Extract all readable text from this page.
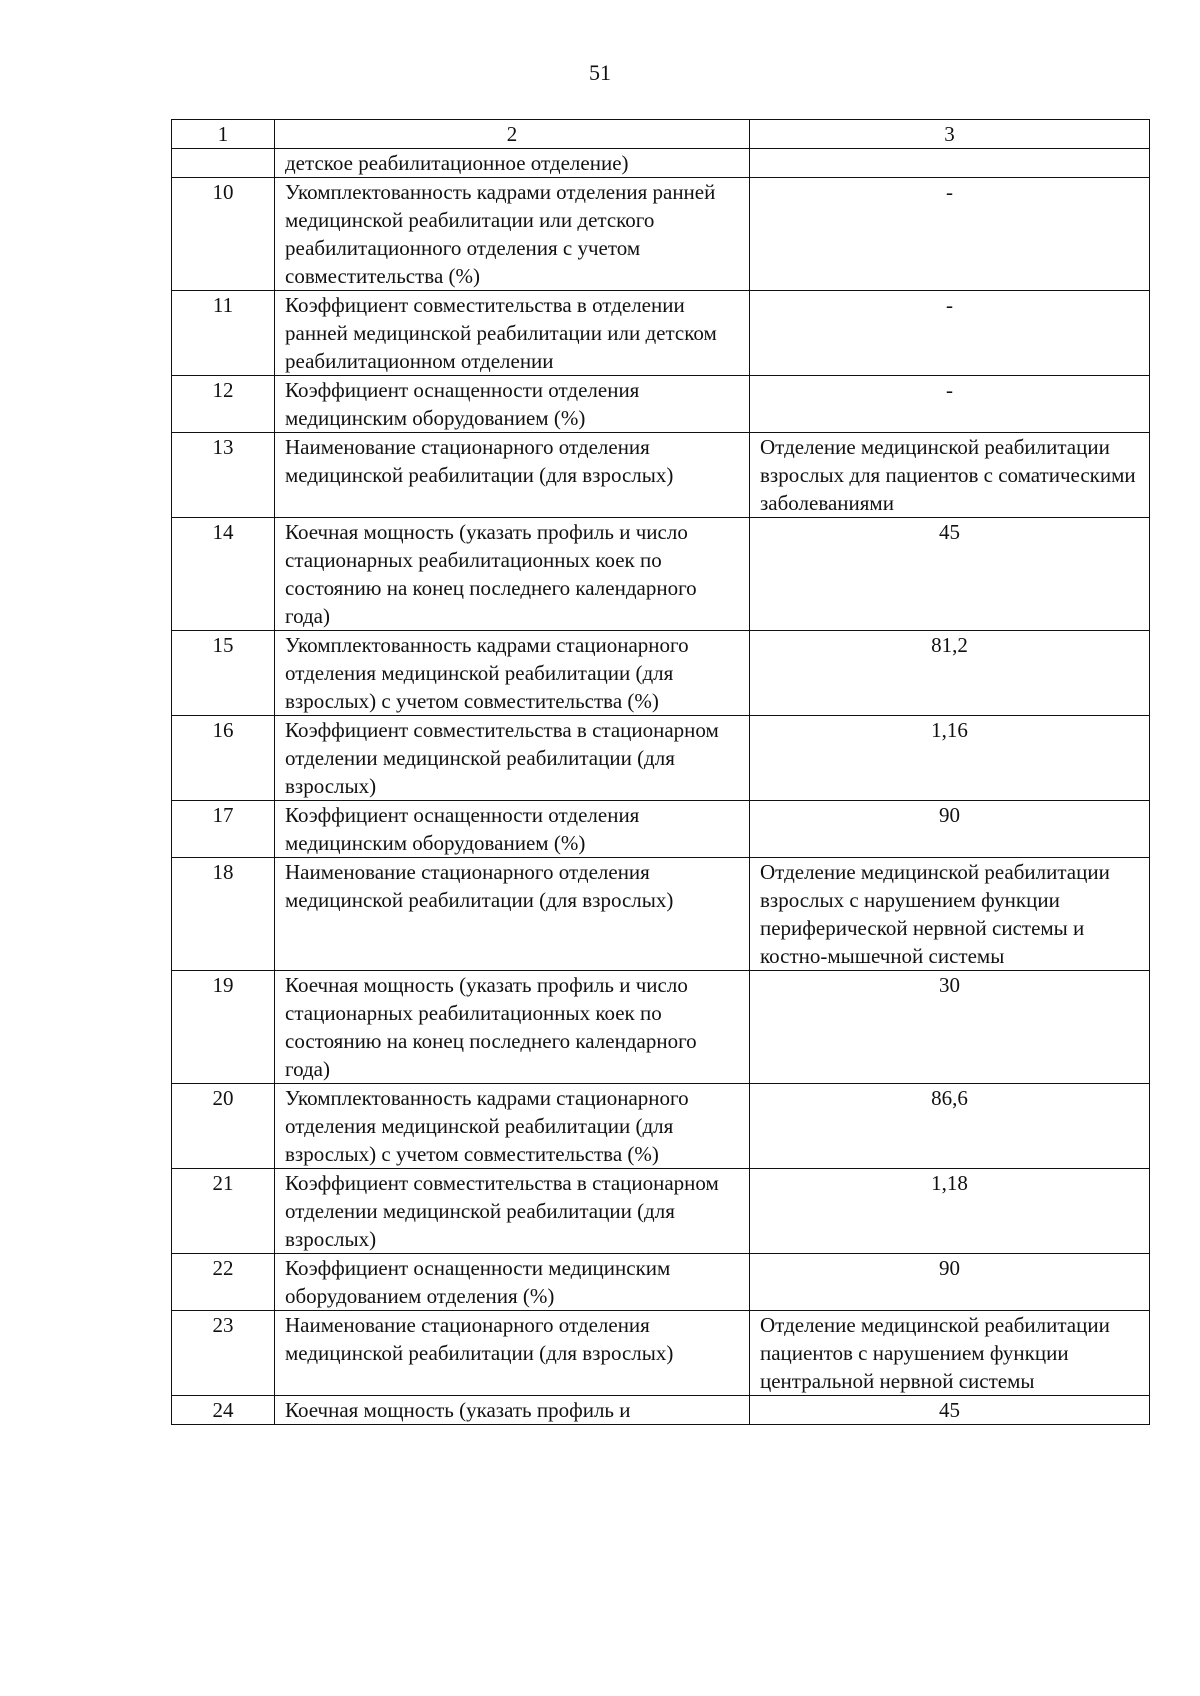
51
1	2	3
	детское реабилитационное отделение)	
10	Укомплектованность кадрами отделения ранней медицинской реабилитации или детского реабилитационного отделения с учетом совместительства (%)	-
11	Коэффициент совместительства в отделении ранней медицинской реабилитации или детском реабилитационном отделении	-
12	Коэффициент оснащенности отделения медицинским оборудованием (%)	-
13	Наименование стационарного отделения медицинской реабилитации (для взрослых)	Отделение медицинской реабилитации взрослых для пациентов с соматическими заболеваниями
14	Коечная мощность (указать профиль и число стационарных реабилитационных коек по состоянию на конец последнего календарного года)	45
15	Укомплектованность кадрами стационарного отделения медицинской реабилитации (для взрослых) с учетом совместительства (%)	81,2
16	Коэффициент совместительства в стационарном отделении медицинской реабилитации (для взрослых)	1,16
17	Коэффициент оснащенности отделения медицинским оборудованием (%)	90
18	Наименование стационарного отделения медицинской реабилитации (для взрослых)	Отделение медицинской реабилитации взрослых с нарушением функции периферической нервной системы и костно-мышечной системы
19	Коечная мощность (указать профиль и число стационарных реабилитационных коек по состоянию на конец последнего календарного года)	30
20	Укомплектованность кадрами стационарного отделения медицинской реабилитации (для взрослых) с учетом совместительства (%)	86,6
21	Коэффициент совместительства в стационарном отделении медицинской реабилитации (для взрослых)	1,18
22	Коэффициент оснащенности медицинским оборудованием отделения (%)	90
23	Наименование стационарного отделения медицинской реабилитации (для взрослых)	Отделение медицинской реабилитации пациентов с нарушением функции центральной нервной системы
24	Коечная мощность (указать профиль и	45
